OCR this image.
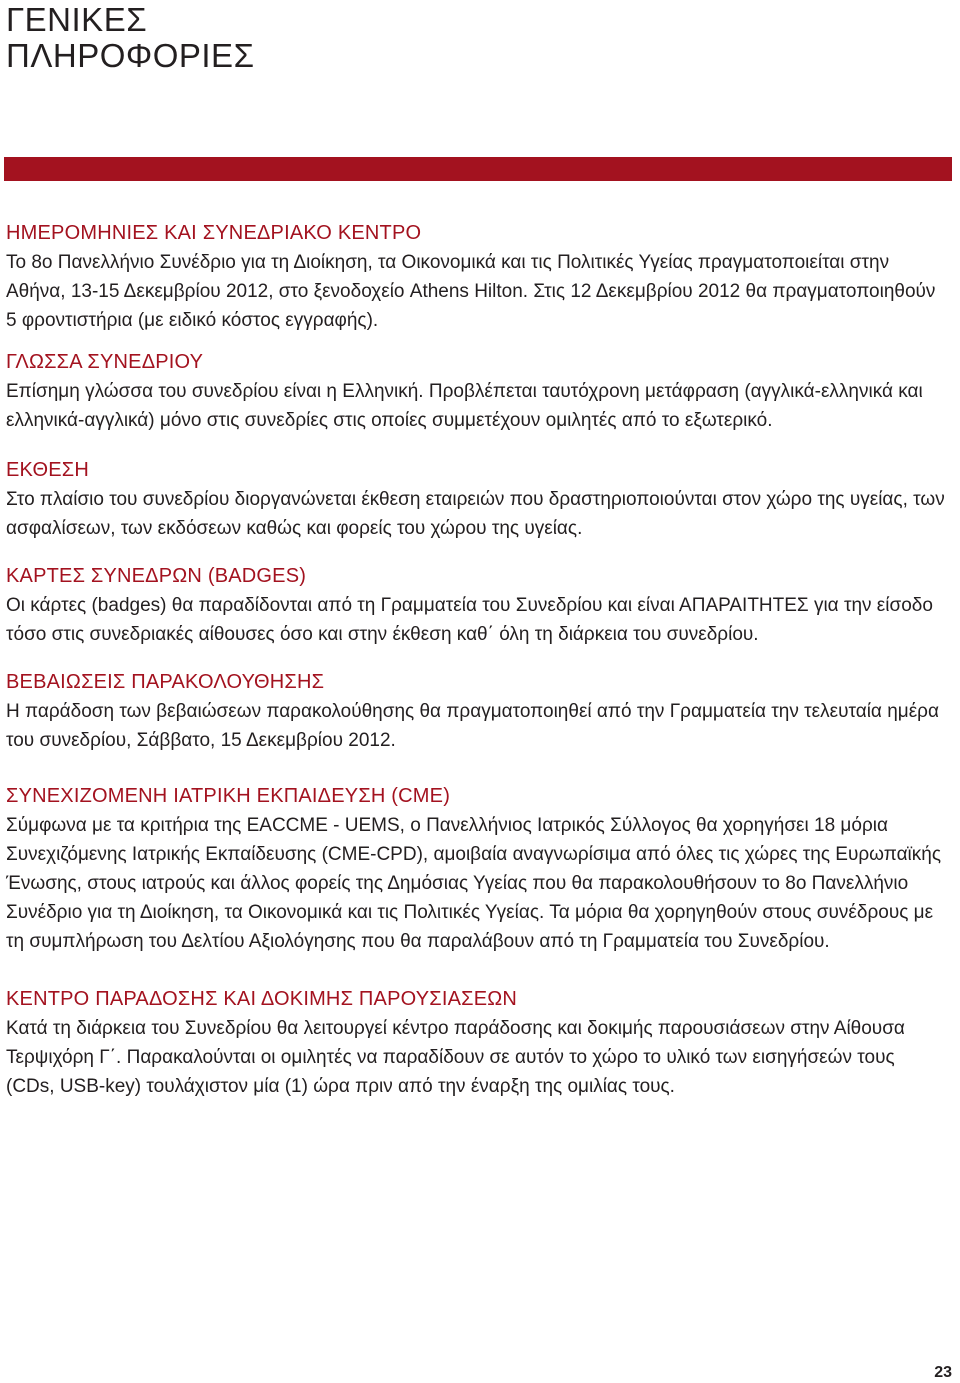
ΓΕΝΙΚΕΣ
ΠΛΗΡΟΦΟΡΙΕΣ
ΗΜΕΡΟΜΗΝΙΕΣ ΚΑΙ ΣΥΝΕΔΡΙΑΚΟ ΚΕΝΤΡΟ

Το 8ο Πανελλήνιο Συνέδριο για τη Διοίκηση, τα Οικονομικά και τις Πολιτικές Υγείας πραγματοποιείται στην Αθήνα, 13-15 Δεκεμβρίου 2012, στο ξενοδοχείο Athens Hilton. Στις 12 Δεκεμβρίου 2012 θα πραγματοποιηθούν 5 φροντιστήρια (με ειδικό κόστος εγγραφής).

ΓΛΩΣΣΑ ΣΥΝΕΔΡΙΟΥ

Επίσημη γλώσσα του συνεδρίου είναι η Ελληνική. Προβλέπεται ταυτόχρονη μετάφραση (αγγλικά-ελληνικά και ελληνικά-αγγλικά) μόνο στις συνεδρίες στις οποίες συμμετέχουν ομιλητές από το εξωτερικό.

ΕΚΘΕΣΗ

Στο πλαίσιο του συνεδρίου διοργανώνεται έκθεση εταιρειών που δραστηριοποιούνται στον χώρο της υγείας, των ασφαλίσεων, των εκδόσεων καθώς και φορείς του χώρου της υγείας.

ΚΑΡΤΕΣ ΣΥΝΕΔΡΩΝ (BADGES)

Οι κάρτες (badges) θα παραδίδονται από τη Γραμματεία του Συνεδρίου και είναι ΑΠΑΡΑΙΤΗΤΕΣ για την είσοδο τόσο στις συνεδριακές αίθουσες όσο και στην έκθεση καθ΄ όλη τη διάρκεια του συνεδρίου.

ΒΕΒΑΙΩΣΕΙΣ ΠΑΡΑΚΟΛΟΥΘΗΣΗΣ

Η παράδοση των βεβαιώσεων παρακολούθησης θα πραγματοποιηθεί από την Γραμματεία την τελευταία ημέρα του συνεδρίου, Σάββατο, 15 Δεκεμβρίου 2012.

ΣΥΝΕΧΙΖΟΜΕΝΗ ΙΑΤΡΙΚΗ ΕΚΠΑΙΔΕΥΣΗ (CME)

Σύμφωνα με τα κριτήρια της EACCME - UEMS, ο Πανελλήνιος Ιατρικός Σύλλογος θα χορηγήσει 18 μόρια Συνεχιζόμενης Ιατρικής Εκπαίδευσης (CME-CPD), αμοιβαία αναγνωρίσιμα από όλες τις χώρες της Ευρωπαϊκής Ένωσης, στους ιατρούς και άλλος φορείς της Δημόσιας Υγείας που θα παρακολουθήσουν το 8ο Πανελλήνιο Συνέδριο για τη Διοίκηση, τα Οικονομικά και τις Πολιτικές Υγείας. Τα μόρια θα χορηγηθούν στους συνέδρους με τη συμπλήρωση του Δελτίου Αξιολόγησης που θα παραλάβουν από τη Γραμματεία του Συνεδρίου.

ΚΕΝΤΡΟ ΠΑΡΑΔΟΣΗΣ ΚΑΙ ΔΟΚΙΜΗΣ ΠΑΡΟΥΣΙΑΣΕΩΝ

Κατά τη διάρκεια του Συνεδρίου θα λειτουργεί κέντρο παράδοσης και δοκιμής παρουσιάσεων στην Αίθουσα Τερψιχόρη Γ΄. Παρακαλούνται οι ομιλητές να παραδίδουν σε αυτόν το χώρο το υλικό των εισηγήσεών τους (CDs, USB-key) τουλάχιστον μία (1) ώρα πριν από την έναρξη της ομιλίας τους.

23
